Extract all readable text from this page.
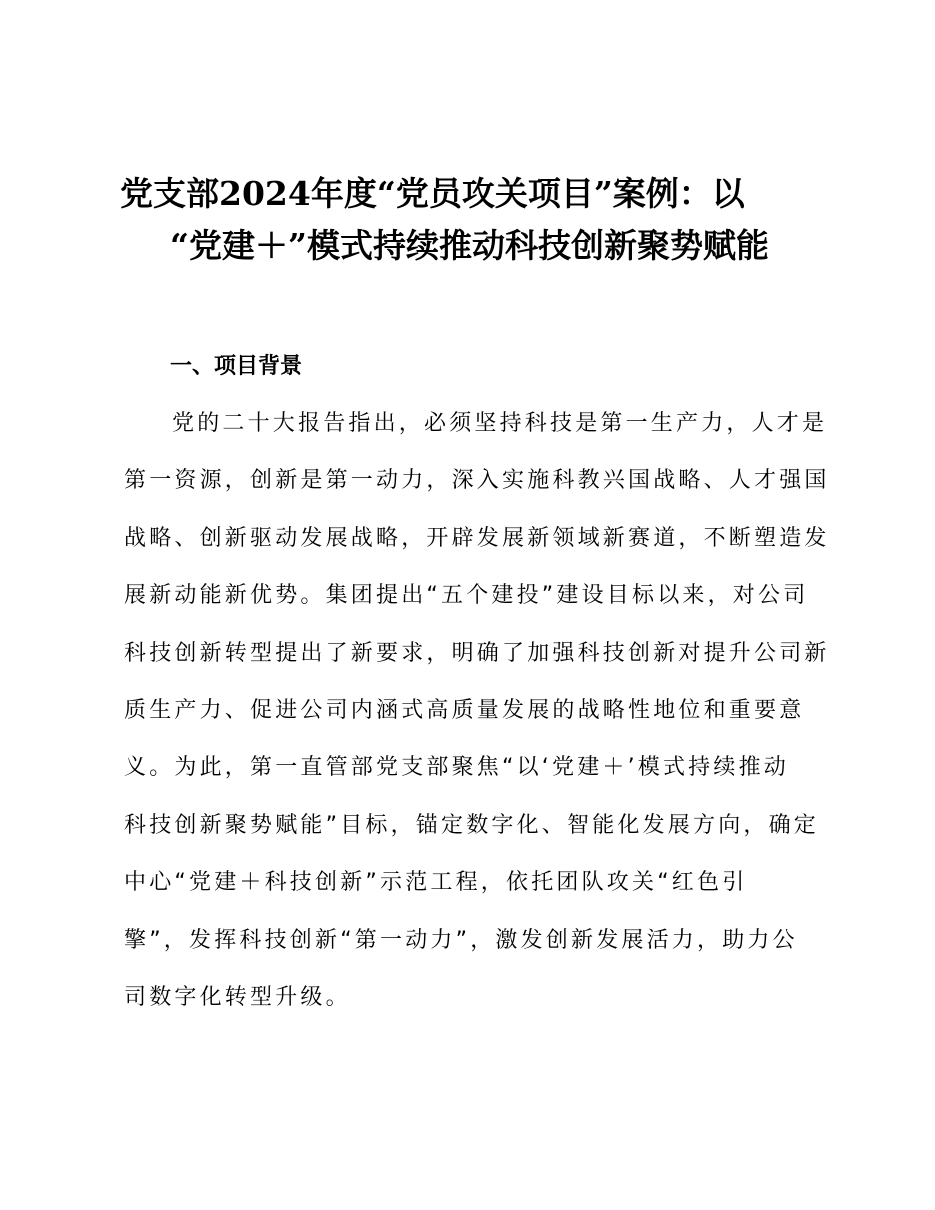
党支部2024年度“党员攻关项目”案例：以
“党建＋”模式持续推动科技创新聚势赋能
一、项目背景
党的二十大报告指出，必须坚持科技是第一生产力，人才是
第一资源，创新是第一动力，深入实施科教兴国战略、人才强国
战略、创新驱动发展战略，开辟发展新领域新赛道，不断塑造发
展新动能新优势。集团提出“五个建投”建设目标以来，对公司
科技创新转型提出了新要求，明确了加强科技创新对提升公司新
质生产力、促进公司内涵式高质量发展的战略性地位和重要意
义。为此，第一直管部党支部聚焦“以‘党建＋’模式持续推动
科技创新聚势赋能”目标，锚定数字化、智能化发展方向，确定
中心“党建＋科技创新”示范工程，依托团队攻关“红色引
擎”，发挥科技创新“第一动力”，激发创新发展活力，助力公
司数字化转型升级。
